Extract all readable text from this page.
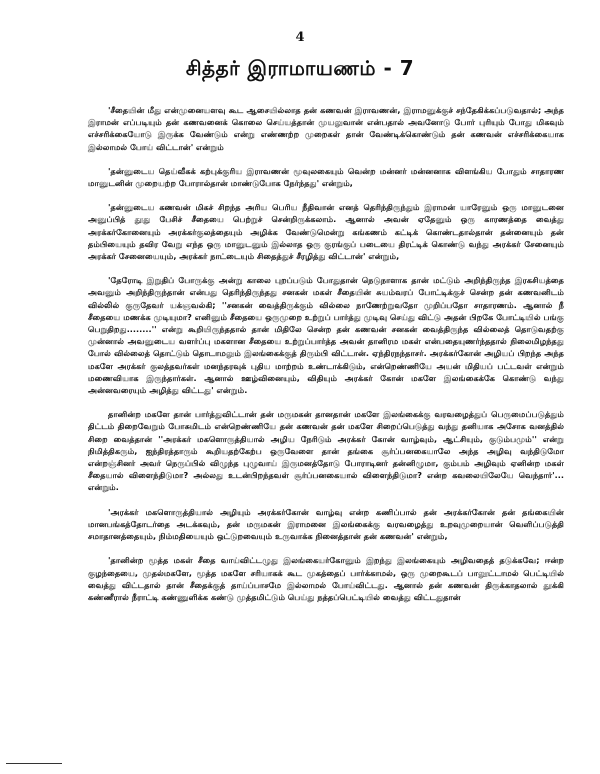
4
சித்தர் இராமாயணம் - 7

'சீதையின் மீது என்முனையளவு கூட ஆசையில்லாத தன் கணவன் இராவணன், இராமனுக்குச் சந்தேகிக்கப்படுவதால்; அந்த இராமன் எப்படியும் தன் கணவனைக் கொலை செய்யத்தான் முயலுவான் என்பதால் அவனோடு போர் புரியும் போது மிகவும் எச்சரிக்கையோடு இருக்க வேண்டும் என்று எண்ணற்ற முறைகள் தான் வேண்டிக்கொண்டும் தன் கணவன் எச்சரிக்கையாக இல்லாமல் போய் விட்டான்' என்றும்

'தன்னுடைய தெய்வீகக் கற்புக்குரிய இராவணன் மூவுலகையும் வென்ற மன்னர் மன்னனாக விளங்கிய போதும் சாதாரண மானுடனின் முறையற்ற போரால்தான் மாண்டுபோக நேர்ந்தது' என்றும்,

'தன்னுடைய கணவன் மிகச் சிறந்த அரிய பெரிய நீதிவான் எனத் தெரிந்திருந்தும் இராமன் யாரேனும் ஒரு மானுடனை அனுப்பித் தூது பேசிச் சீதையை பெற்றுச் சென்றிருக்கலாம். ஆனால் அவன் ஏதேனும் ஒரு காரணத்தை வைத்து அரக்கர்கோனையும் அரக்கர்குலத்தையும் அழிக்க வேண்டுமென்று கங்கணம் கட்டிக் கொண்டதால்தான் தன்னையும் தன் தம்பியையும் தவிர வேறு எந்த ஒரு மானுடனும் இல்லாத ஒரு குரங்குப் படையை திரட்டிக் கொண்டு வந்து அரக்கர் சேனையும் அரக்கர் சேனையையும், அரக்கர் நாட்டையும் சிதைத்துச் சீரழித்து விட்டான்' என்றும்,

'தேரோடி இறுதிப் போருக்கு அன்று காலை புறப்படும் போதுதான் நெடுநாளாக தான் மட்டும் அறிந்திருந்த இரகசியத்தை அவனும் அறிந்திருந்தான் என்பது தெரிந்திருந்தது சனகன் மகள் சீதையின் சுயம்வரப் போட்டிக்குச் சென்ற தன் கணவனிடம் வில்லில் குருதேவர் யக்ஞவல்கி; ''சனகன் வைத்திருக்கும் வில்லை நாணேற்றுவதோ முறிப்பதோ சாதாரணம். ஆனால் நீ சீதையை மணக்க முடியுமா? எனினும் சீதையை ஒருமுறை உற்றுப் பார்த்து முடிவு செய்து விட்டு அதன் பிறகே போட்டியில் பங்கு பெறுதிறது........'' என்று கூறியிருந்ததால் தான் மிதிலே சென்ற தன் கணவன் சனகன் வைத்திருந்த வில்லைத் தொடுவதற்கு முன்னால் அவனுடைய வளர்ப்பு மகளான சீதையை உற்றுப்பார்த்த அவன் தானிரம மகள் என்பதையுணர்ந்ததால் நிலைமிழந்தது போல் வில்லைத் தொட்டும் தொடாமலும் இலங்கைக்குத் திரும்பி விட்டான். ஏந்திரநந்தாசர். அரக்கர்கோன் அழியப் பிறந்த அந்த மகளே அரக்கர் குலத்தவர்கள் மனந்தரவுக் புதிய மாற்றம் உண்டாக்கிடும், என்றெண்ணியே அயன் மிதியப் பட்டவள் என்றும் மணைவியாக இருந்தார்கள். ஆனால் ஊழ்வினையும், விதியும் அரக்கர் கோன் மகளே இலங்கைக்கே கொண்டு வந்து அன்னவரையும் அழித்து விட்டது' என்றும்.

தானின்ற மகளே தான் பார்த்துவிட்டான் தன் மருமகன் தானதான் மகளே இலங்கைக்கு வரவழைத்துப் பெருமைப்படுத்தும் திட்டம் திறைவேறும் போசுமிடம் என்றெண்ணியே தன் கணவன் தன் மகளே சிறைப்பெடுத்து வந்து தனியாக அசோக வனத்தில் சிறை வைத்தான் ''அரக்கர் மகளொருத்தியால் அழிய நேரிடும் அரக்கர் கோன் வாழ்வும், ஆட்சியும், குடும்பமும்'' என்று நிமித்திகரும், ஐந்திரத்தாரும் கூறியதற்கேற்ப ஒருவேளை தான் தங்கை சூர்ப்பனகையாலே அந்த அழிவு வந்திடுமோ என்றஞ்சினர் அவர் நெருப்பில் விழுந்த புழுவாய் இருமனத்தோடு போராடினர் தன்னிழுமா, கும்பம் அழிவும் ஏனின்ற மகள் சீதையால் விளைந்திடுமா? அல்லது உடன்பிறந்தவள் சூர்ப்பனகையால் விளைந்திடுமா? என்ற கவலையிலேயே வெந்தார்'... என்றும்.

'அரக்கர் மகளொருத்தியால் அழியும் அரக்கர்கோன் வாழ்வு என்ற கணிப்பால் தன் அரக்கர்கோன் தன் தங்கையின் மானபங்கத்தோடர்தை அடக்கவும், தன் மருமகன் இராமனை இலங்கைக்கு வரவழைத்து உறவுமுறையான் வெளிப்படுத்தி சமாதானத்தையும், நிம்மதியையும் ஒட்டுறவையும் உருவாக்க நினைத்தான் தன் கணவன்' என்றும்,

'தானின்ற மூத்த மகள் சீதை வாய்விட்டழுது இலங்கையர்கோனும் இறந்து இலங்கையும் அழிவதைத் தடுக்கவே; ஈன்ற குழந்தையை, முதல்மகளே, மூத்த மகளே சரியாகக் கூட முகத்தைப் பார்க்காமல், ஒரு முறைகூடப் பாலூட்டாமல் பெட்டியில் வைத்து விட்டதால் தான் சீதைக்குத் தாய்ப்பாசமே இல்லாமல் போய்விட்டது. ஆனால் தன் கணவன் திருக்காதலால் தூக்கி கண்ணீரால் நீராட்டி கண்ணுளிக்க கண்டு முத்தமிட்டும் பெய்து நத்தப்பெட்டியில் வைத்து விட்டதுதான்
